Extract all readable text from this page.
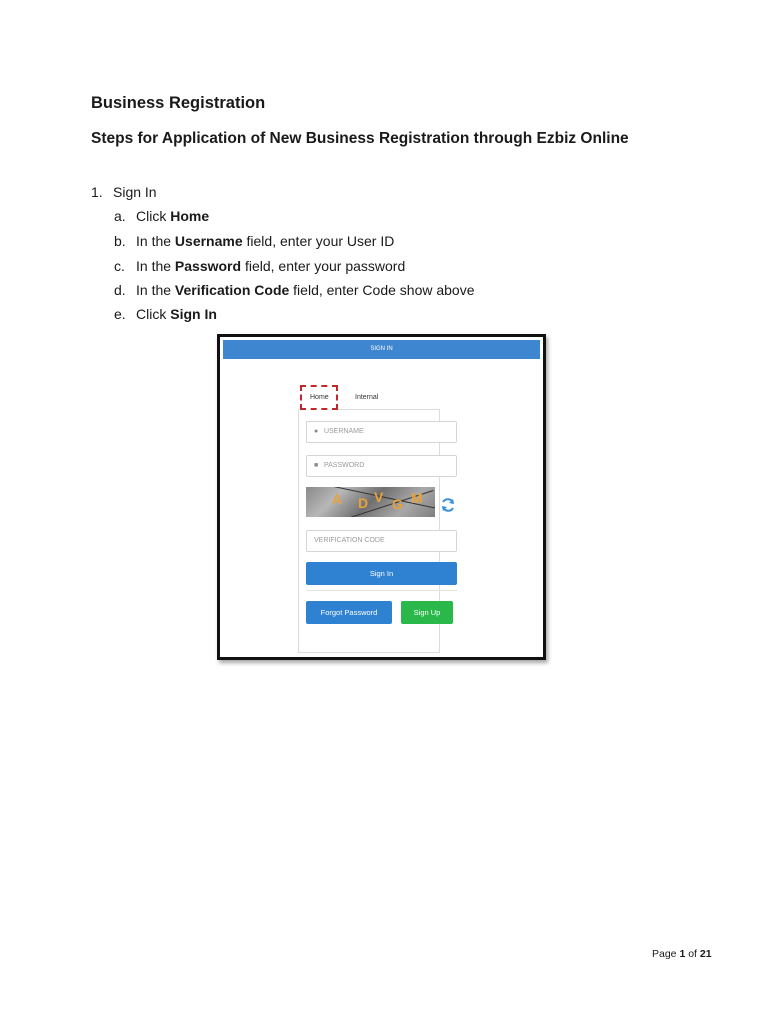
Business Registration
Steps for Application of New Business Registration through Ezbiz Online
1. Sign In
a. Click Home
b. In the Username field, enter your User ID
c. In the Password field, enter your password
d. In the Verification Code field, enter Code show above
e. Click Sign In
SIGN IN
Home	Internal
● USERNAME
■ PASSWORD
A D V G M
VERIFICATION CODE
Sign In
Forgot Password	Sign Up
Page 1 of 21
